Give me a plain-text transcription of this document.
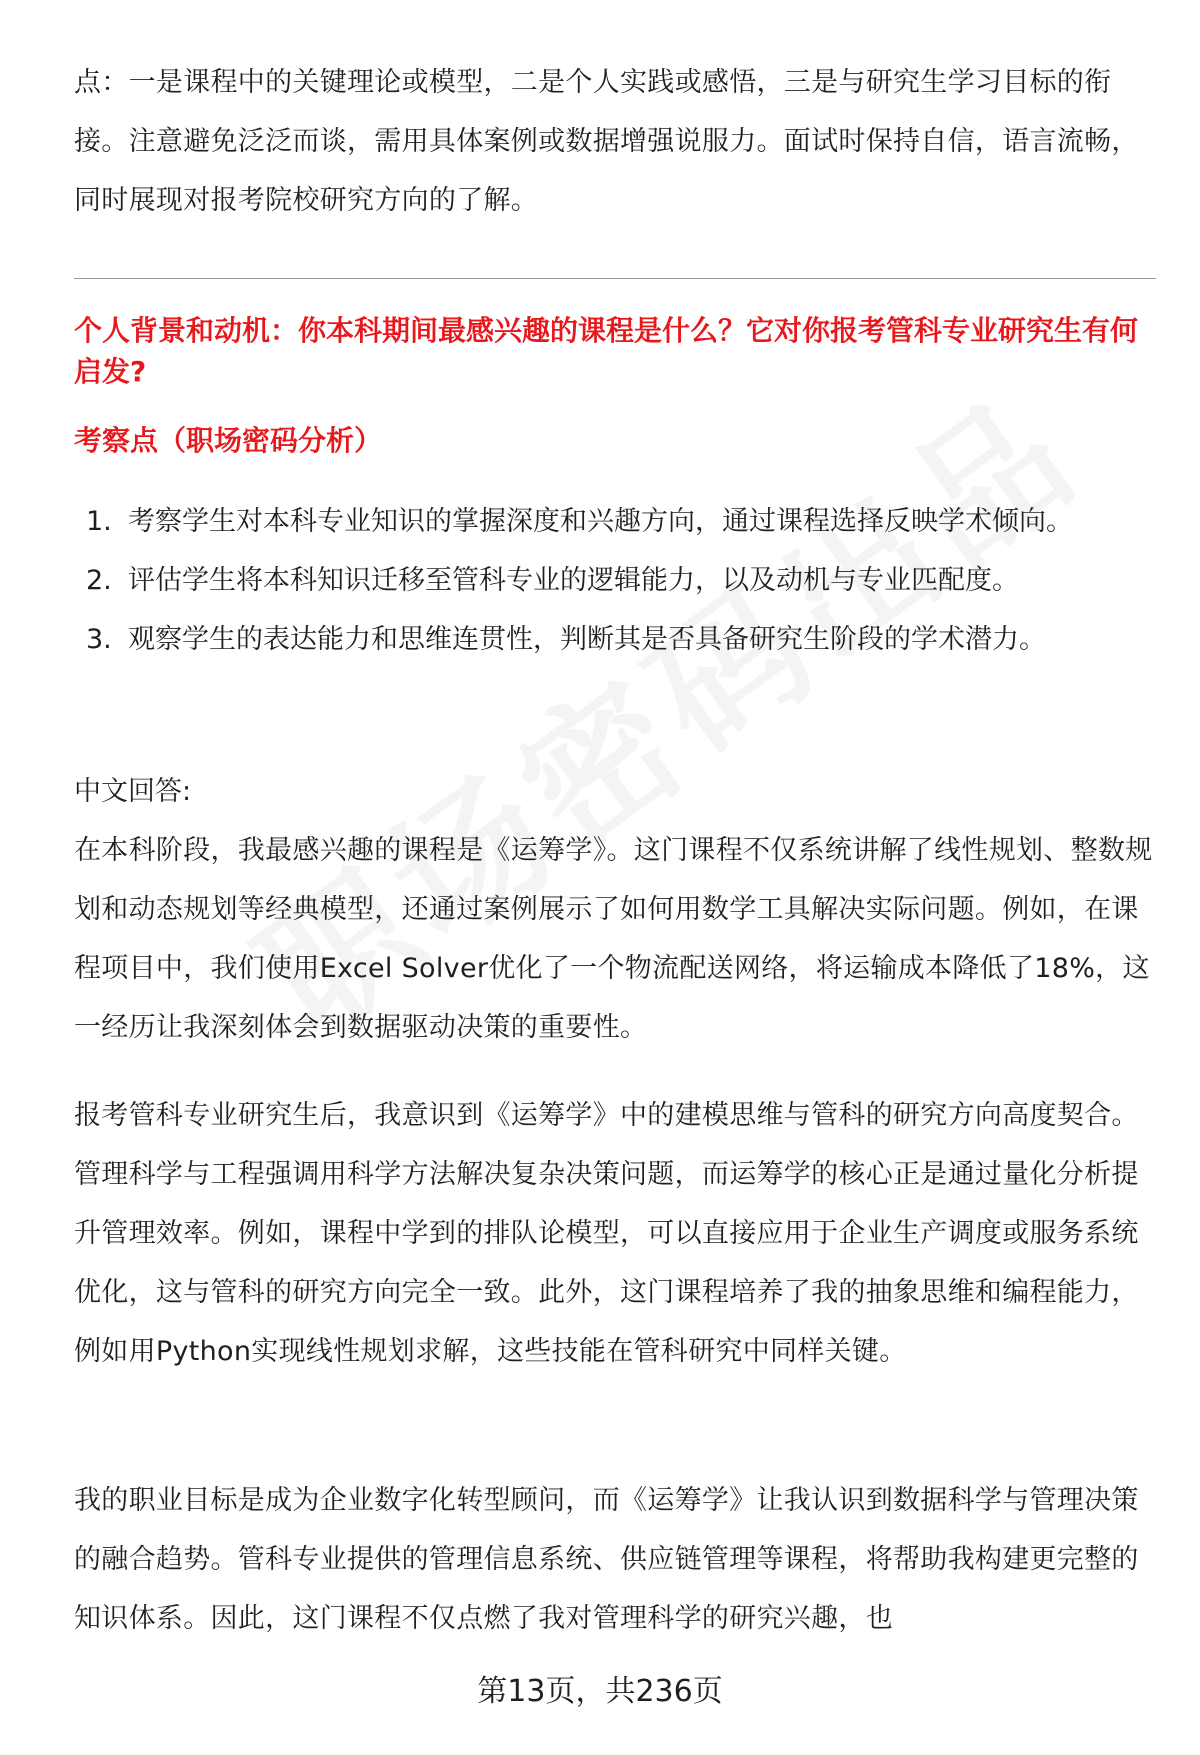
点：一是课程中的关键理论或模型，二是个人实践或感悟，三是与研究生学习目标的衔接。注意避免泛泛而谈，需用具体案例或数据增强说服力。面试时保持自信，语言流畅，同时展现对报考院校研究方向的了解。

个人背景和动机：你本科期间最感兴趣的课程是什么？它对你报考管科专业研究生有何启发?
考察点（职场密码分析）
1. 考察学生对本科专业知识的掌握深度和兴趣方向，通过课程选择反映学术倾向。
2. 评估学生将本科知识迁移至管科专业的逻辑能力，以及动机与专业匹配度。
3. 观察学生的表达能力和思维连贯性，判断其是否具备研究生阶段的学术潜力。

中文回答:

在本科阶段，我最感兴趣的课程是《运筹学》。这门课程不仅系统讲解了线性规划、整数规划和动态规划等经典模型，还通过案例展示了如何用数学工具解决实际问题。例如，在课程项目中，我们使用Excel Solver优化了一个物流配送网络，将运输成本降低了18%，这一经历让我深刻体会到数据驱动决策的重要性。

报考管科专业研究生后，我意识到《运筹学》中的建模思维与管科的研究方向高度契合。管理科学与工程强调用科学方法解决复杂决策问题，而运筹学的核心正是通过量化分析提升管理效率。例如，课程中学到的排队论模型，可以直接应用于企业生产调度或服务系统优化，这与管科的研究方向完全一致。此外，这门课程培养了我的抽象思维和编程能力，例如用Python实现线性规划求解，这些技能在管科研究中同样关键。

我的职业目标是成为企业数字化转型顾问，而《运筹学》让我认识到数据科学与管理决策的融合趋势。管科专业提供的管理信息系统、供应链管理等课程，将帮助我构建更完整的知识体系。因此，这门课程不仅点燃了我对管理科学的研究兴趣，也

第13页，共236页
